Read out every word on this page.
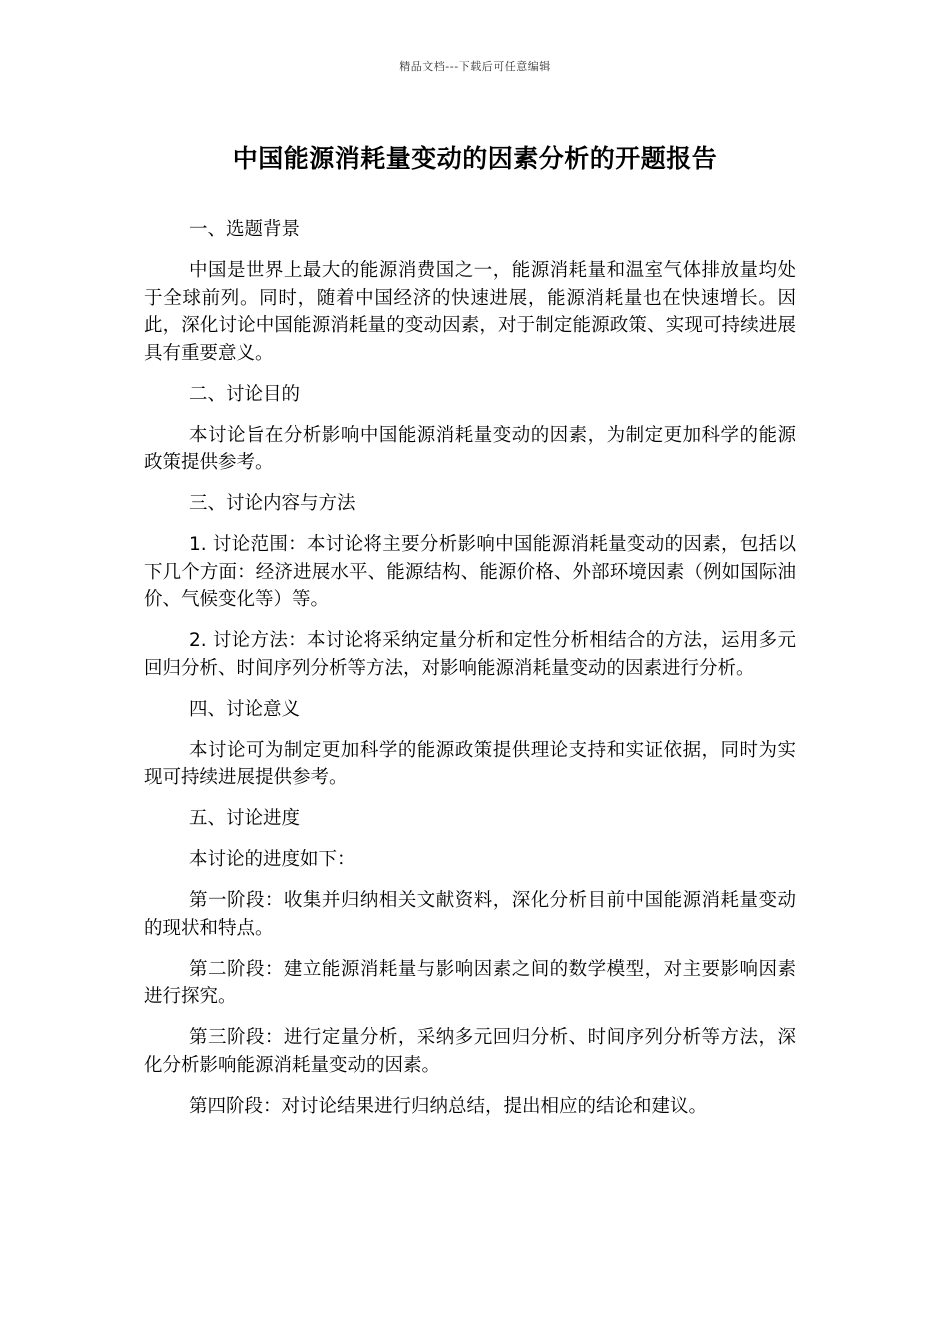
精品文档---下载后可任意编辑
中国能源消耗量变动的因素分析的开题报告

一、选题背景

中国是世界上最大的能源消费国之一，能源消耗量和温室气体排放量均处于全球前列。同时，随着中国经济的快速进展，能源消耗量也在快速增长。因此，深化讨论中国能源消耗量的变动因素，对于制定能源政策、实现可持续进展具有重要意义。

二、讨论目的

本讨论旨在分析影响中国能源消耗量变动的因素，为制定更加科学的能源政策提供参考。

三、讨论内容与方法

1. 讨论范围：本讨论将主要分析影响中国能源消耗量变动的因素，包括以下几个方面：经济进展水平、能源结构、能源价格、外部环境因素（例如国际油价、气候变化等）等。

2. 讨论方法：本讨论将采纳定量分析和定性分析相结合的方法，运用多元回归分析、时间序列分析等方法，对影响能源消耗量变动的因素进行分析。

四、讨论意义

本讨论可为制定更加科学的能源政策提供理论支持和实证依据，同时为实现可持续进展提供参考。

五、讨论进度

本讨论的进度如下：

第一阶段：收集并归纳相关文献资料，深化分析目前中国能源消耗量变动的现状和特点。

第二阶段：建立能源消耗量与影响因素之间的数学模型，对主要影响因素进行探究。

第三阶段：进行定量分析，采纳多元回归分析、时间序列分析等方法，深化分析影响能源消耗量变动的因素。

第四阶段：对讨论结果进行归纳总结，提出相应的结论和建议。
